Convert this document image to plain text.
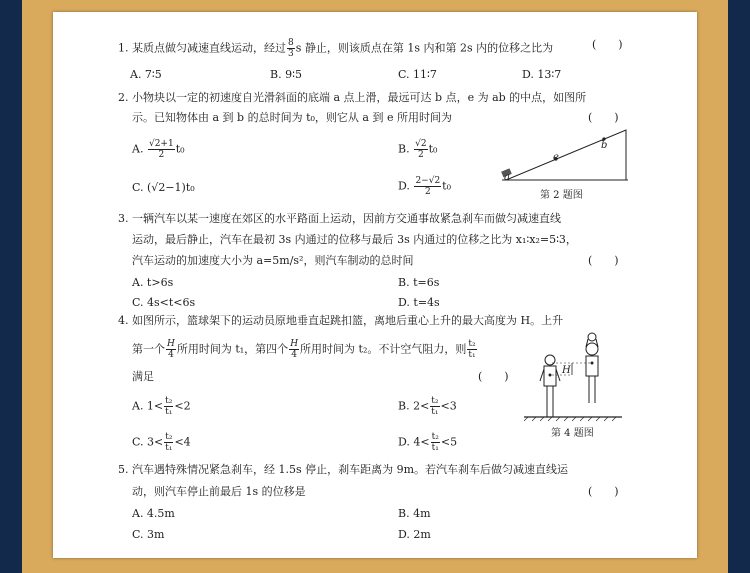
1. 某质点做匀减速直线运动，经过 $\frac{8}{3}$ s 静止，则该质点在第 1s 内和第 2s 内的位移之比为	(　　)
A. 7∶5	B. 9∶5	C. 11∶7	D. 13∶7
2. 小物块以一定的初速度自光滑斜面的底端 a 点上滑，最远可达 b 点，e 为 ab 的中点，如图所
示。已知物体由 a 到 b 的总时间为 t₀，则它从 a 到 e 所用时间为	(　　)
A. $\frac{√2+1}{2} t_0$	B. $\frac{√2}{2} t_0$
C. (√2−1)t₀	D. $\frac{2-√2}{2} t_0$
a
e
b
第 2 题图
3. 一辆汽车以某一速度在郊区的水平路面上运动，因前方交通事故紧急刹车而做匀减速直线
运动，最后静止，汽车在最初 3s 内通过的位移与最后 3s 内通过的位移之比为 x₁∶x₂=5∶3，
汽车运动的加速度大小为 a=5m/s²，则汽车制动的总时间	(　　)
A. t>6s	B. t=6s
C. 4s<t<6s	D. t=4s
4. 如图所示，篮球架下的运动员原地垂直起跳扣篮，离地后重心上升的最大高度为 H。上升
第一个 $\frac{H}{4}$ 所用时间为 t₁，第四个 $\frac{H}{4}$ 所用时间为 t₂。不计空气阻力，则 $\frac{\text{t₂}}{\text{t₁}}$
满足	(　　)
A. $1< \frac{\text{t₂}}{\text{t₁}} <2$	B. $2< \frac{\text{t₂}}{\text{t₁}} <3$
C. $3< \frac{\text{t₂}}{\text{t₁}} <4$	D. $4< \frac{\text{t₂}}{\text{t₁}} <5$
H
第 4 题图
5. 汽车遇特殊情况紧急刹车，经 1.5s 停止，刹车距离为 9m。若汽车刹车后做匀减速直线运
动，则汽车停止前最后 1s 的位移是	(　　)
A. 4.5m	B. 4m
C. 3m	D. 2m
